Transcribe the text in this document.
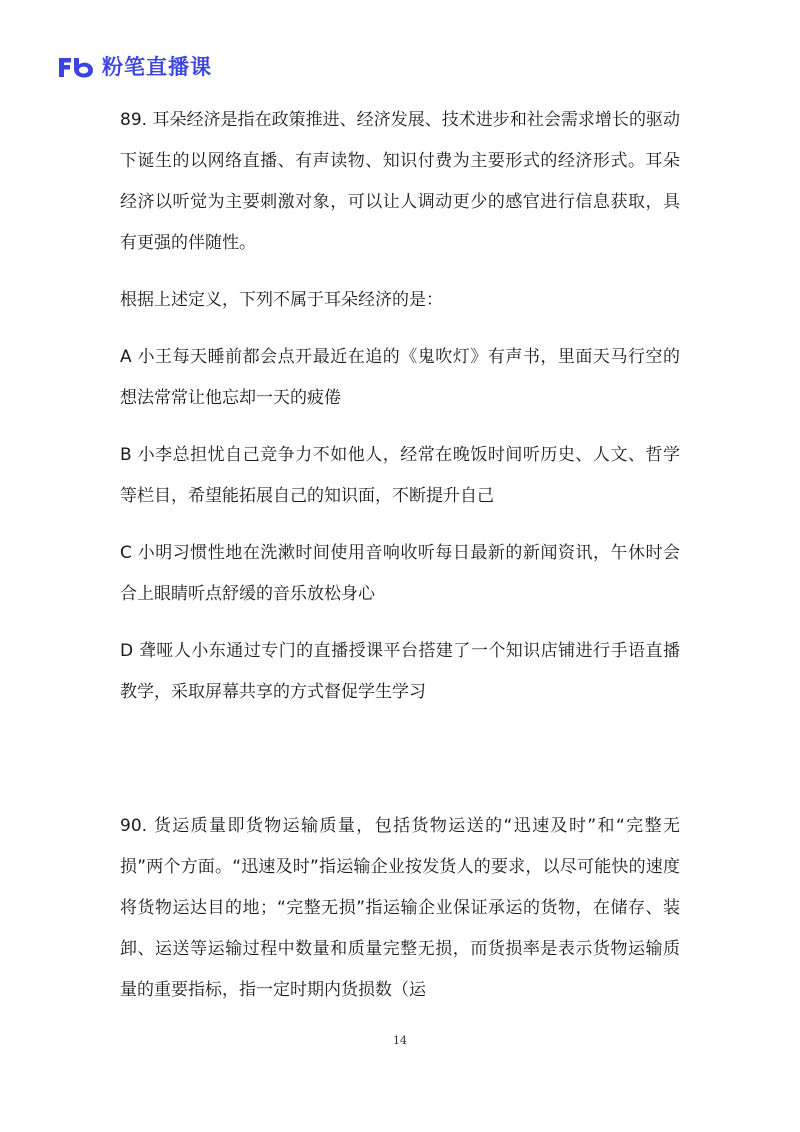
粉笔直播课

89. 耳朵经济是指在政策推进、经济发展、技术进步和社会需求增长的驱动下诞生的以网络直播、有声读物、知识付费为主要形式的经济形式。耳朵经济以听觉为主要刺激对象，可以让人调动更少的感官进行信息获取，具有更强的伴随性。

根据上述定义，下列不属于耳朵经济的是：

A 小王每天睡前都会点开最近在追的《鬼吹灯》有声书，里面天马行空的想法常常让他忘却一天的疲倦

B 小李总担忧自己竞争力不如他人，经常在晚饭时间听历史、人文、哲学等栏目，希望能拓展自己的知识面，不断提升自己

C 小明习惯性地在洗漱时间使用音响收听每日最新的新闻资讯，午休时会合上眼睛听点舒缓的音乐放松身心

D 聋哑人小东通过专门的直播授课平台搭建了一个知识店铺进行手语直播教学，采取屏幕共享的方式督促学生学习

90. 货运质量即货物运输质量，包括货物运送的“迅速及时”和“完整无损”两个方面。“迅速及时”指运输企业按发货人的要求，以尽可能快的速度将货物运达目的地；“完整无损”指运输企业保证承运的货物，在储存、装卸、运送等运输过程中数量和质量完整无损，而货损率是表示货物运输质量的重要指标，指一定时期内货损数（运

14
